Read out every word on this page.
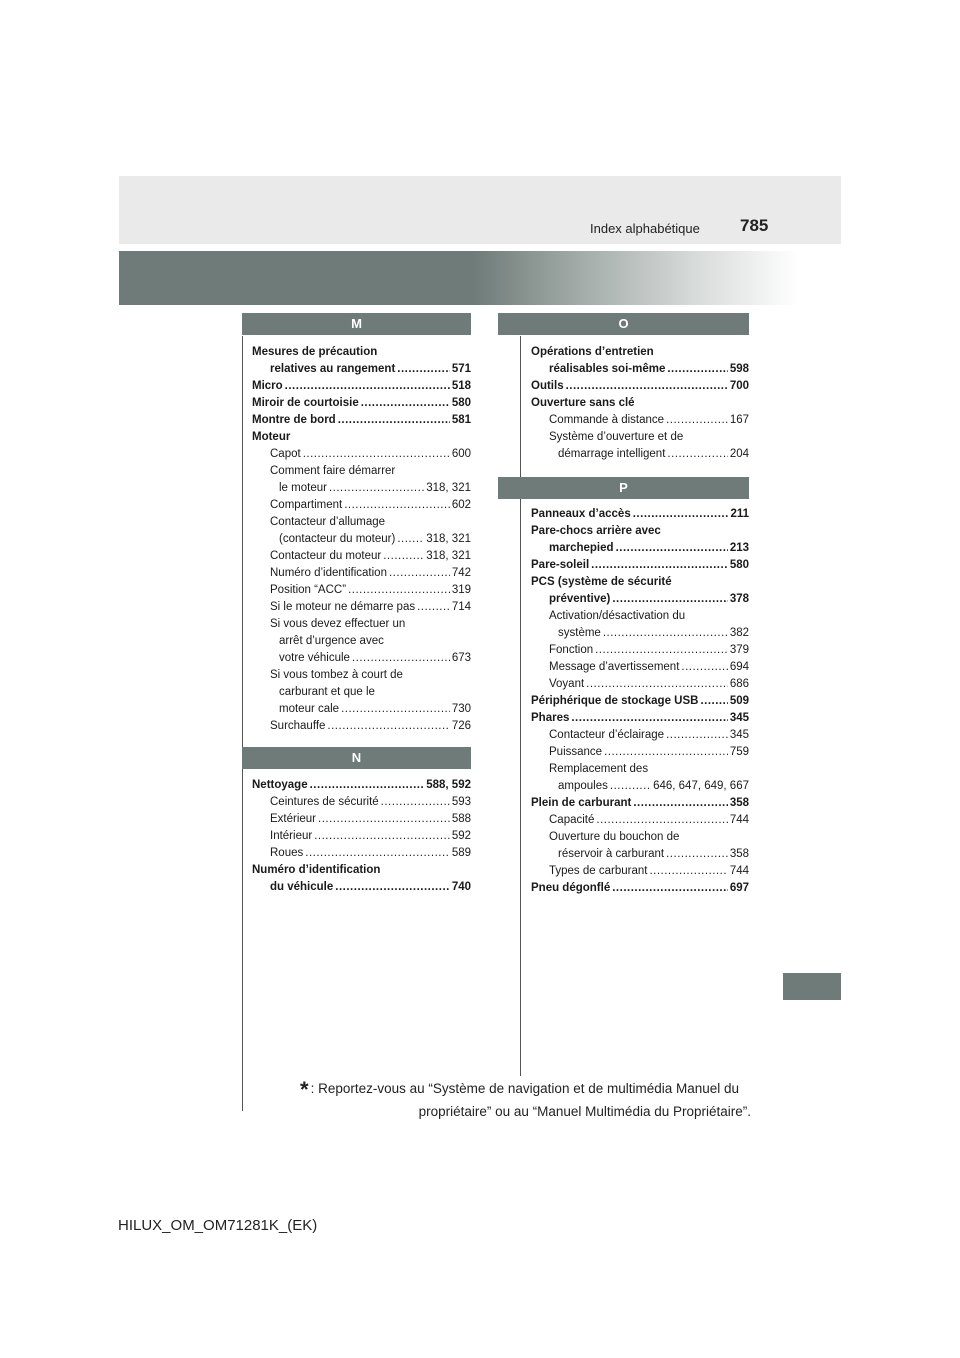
Index alphabétique 785
M	O
P
N
Mesures de précaution
relatives au rangement .....	571
Micro .....	518
Miroir de courtoisie .....	580
Montre de bord .....	581
Moteur
Capot .....	600
Comment faire démarrer
le moteur .....	318, 321
Compartiment .....	602
Contacteur d’allumage
(contacteur du moteur) .....	318, 321
Contacteur du moteur .....	318, 321
Numéro d’identification .....	742
Position “ACC” .....	319
Si le moteur ne démarre pas .....	714
Si vous devez effectuer un
arrêt d’urgence avec
votre véhicule .....	673
Si vous tombez à court de
carburant et que le
moteur cale .....	730
Surchauffe .....	726
Nettoyage .....	588, 592
Ceintures de sécurité .....	593
Extérieur .....	588
Intérieur .....	592
Roues .....	589
Numéro d’identification
du véhicule .....	740
Opérations d’entretien
réalisables soi-même .....	598
Outils .....	700
Ouverture sans clé
Commande à distance .....	167
Système d’ouverture et de
démarrage intelligent .....	204
Panneaux d’accès .....	211
Pare-chocs arrière avec
marchepied .....	213
Pare-soleil .....	580
PCS (système de sécurité
préventive) .....	378
Activation/désactivation du
système .....	382
Fonction .....	379
Message d’avertissement .....	694
Voyant .....	686
Périphérique de stockage USB .....	509
Phares .....	345
Contacteur d’éclairage .....	345
Puissance .....	759
Remplacement des
ampoules .....	646, 647, 649, 667
Plein de carburant .....	358
Capacité .....	744
Ouverture du bouchon de
réservoir à carburant .....	358
Types de carburant .....	744
Pneu dégonflé .....	697
* : Reportez-vous au “Système de navigation et de multimédia Manuel du
propriétaire” ou au “Manuel Multimédia du Propriétaire”.
HILUX_OM_OM71281K_(EK)
